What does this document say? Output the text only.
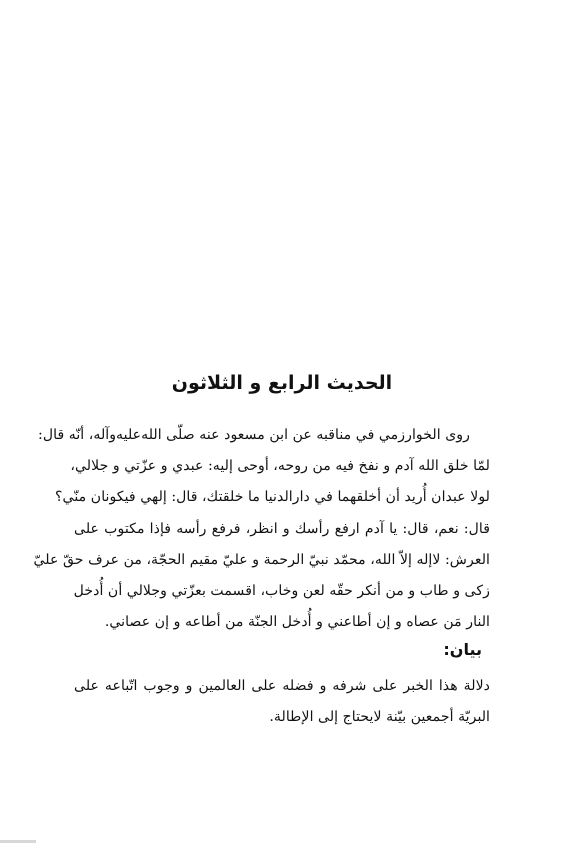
الحديث الرابع و الثلاثون
روى الخوارزمي في مناقبه عن ابن مسعود عنه صلّى الله‌عليه‌وآله، أنّه قال:
لمّا خلق الله آدم و نفخ فيه من روحه، أوحى إليه: عبدي و عزّتي و جلالي،
لولا عبدان أُريد أن أخلقهما في دارالدنيا ما خلقتك، قال: إلهي فيكونان منّي؟
قال: نعم، قال: يا آدم ارفع رأسك و انظر، فرفع رأسه فإذا مكتوب على
العرش: لاإله إلاّ الله، محمّد نبيّ الرحمة و عليّ مقيم الحجّة، من عرف حقّ عليّ
زكى و طاب و من أنكر حقّه لعن وخاب، اقسمت بعزّتي وجلالي أن أُدخل
النار مَن عصاه و إن أطاعني و أُدخل الجنّة من أطاعه و إن عصاني.
بيان:
دلالة هذا الخبر على شرفه و فضله على العالمين و وجوب اتّباعه على
البريّة أجمعين بيّنة لايحتاج إلى الإطالة.
